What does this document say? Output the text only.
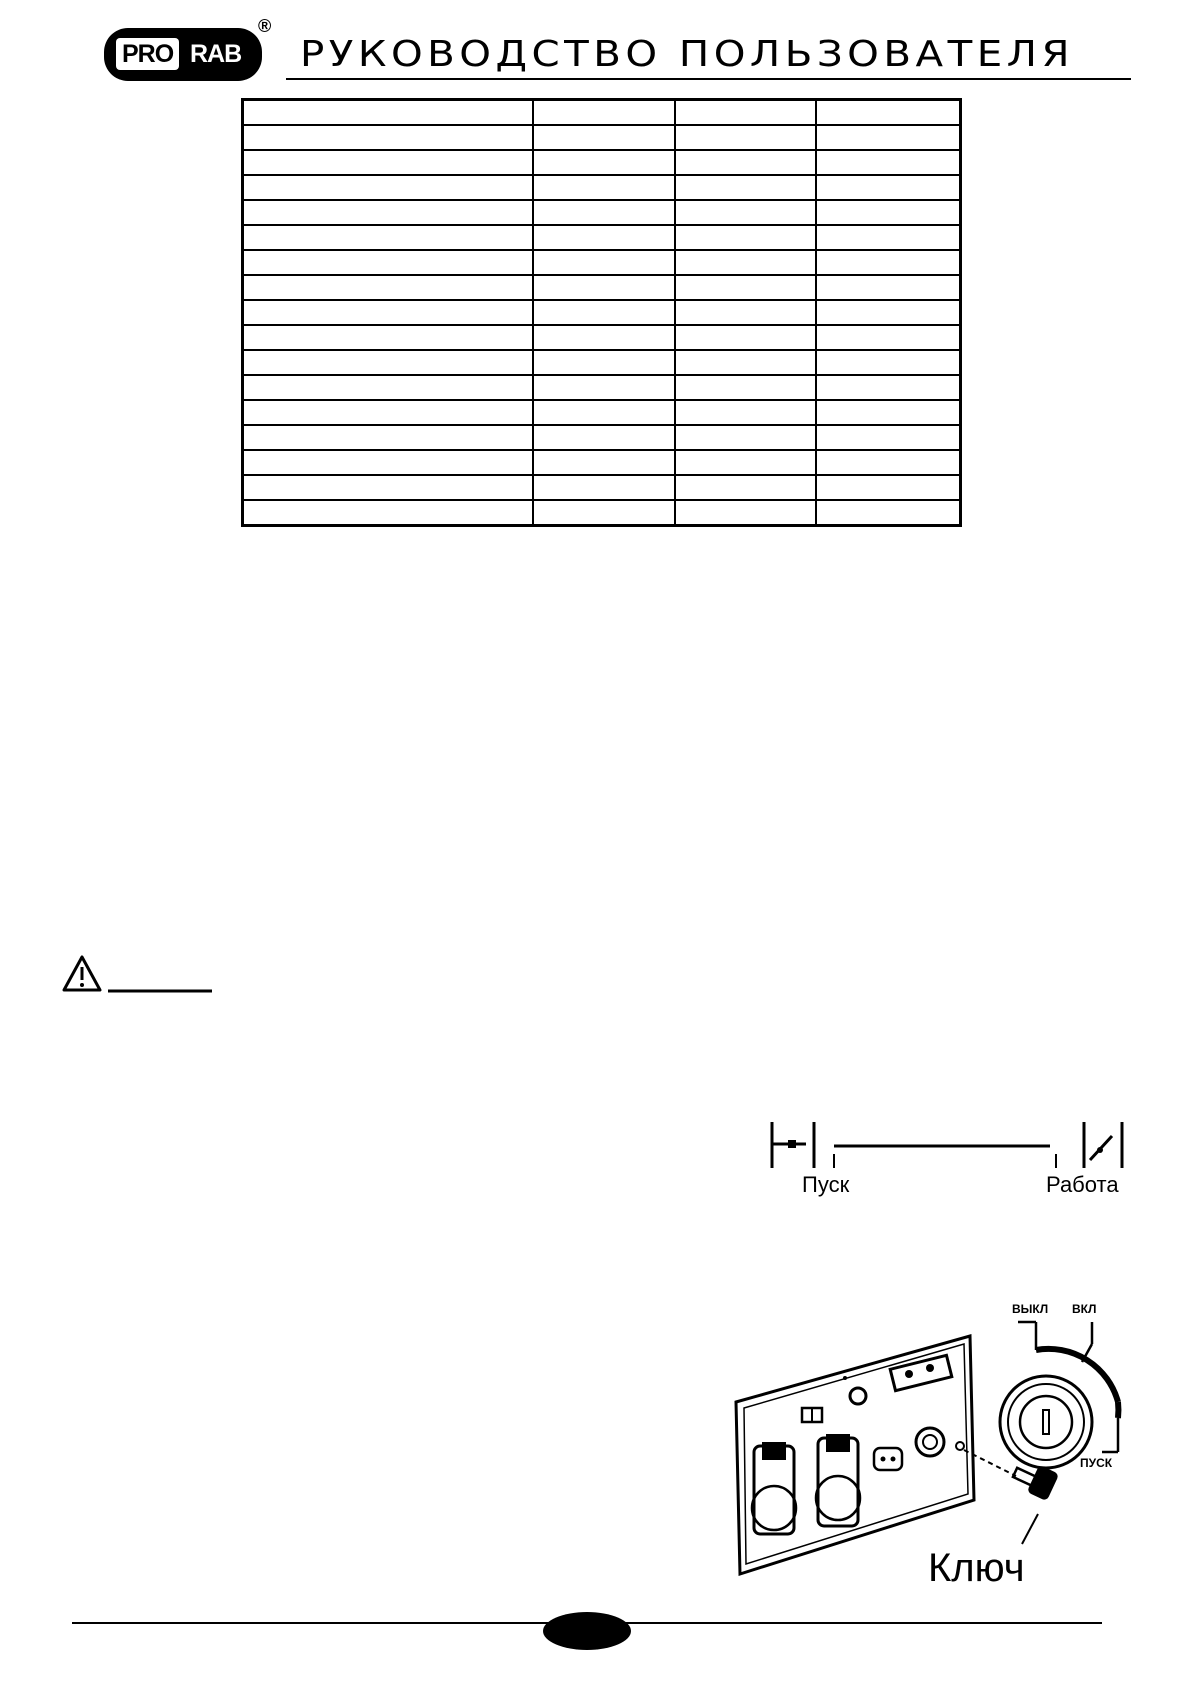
PRO RAB
®
РУКОВОДСТВО ПОЛЬЗОВАТЕЛЯ

Пуск	Работа
ВЫКЛ ВКЛ
ПУСК
Ключ
